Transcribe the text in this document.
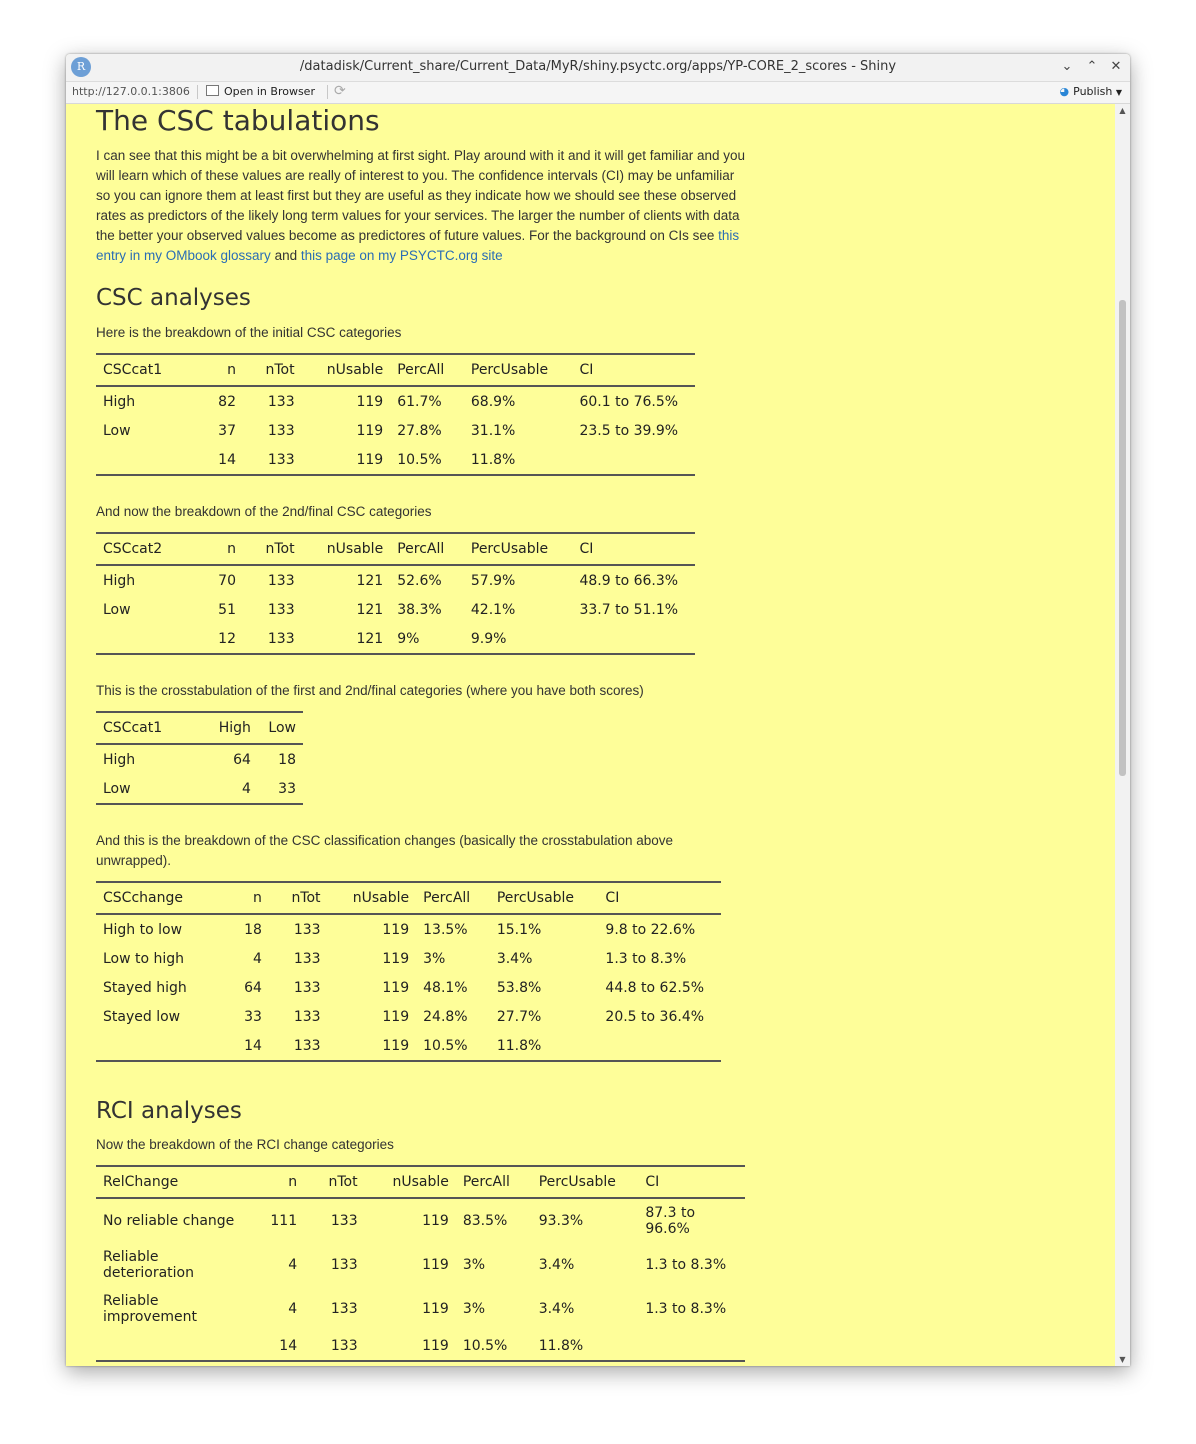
R	/datadisk/Current_share/Current_Data/MyR/shiny.psyctc.org/apps/YP-CORE_2_scores - Shiny	⌄	⌃	✕
http://127.0.0.1:3806	Open in Browser ⟳	◕ Publish ▼
The CSC tabulations

I can see that this might be a bit overwhelming at first sight. Play around with it and it will get familiar and you will learn which of these values are really of interest to you. The confidence intervals (CI) may be unfamiliar so you can ignore them at least first but they are useful as they indicate how we should see these observed rates as predictors of the likely long term values for your services. The larger the number of clients with data the better your observed values become as predictores of future values. For the background on CIs see this entry in my OMbook glossary and this page on my PSYCTC.org site

CSC analyses

Here is the breakdown of the initial CSC categories

CSCcat1	n	nTot	nUsable	PercAll	PercUsable	CI
High	82	133	119	61.7%	68.9%	60.1 to 76.5%
Low	37	133	119	27.8%	31.1%	23.5 to 39.9%
	14	133	119	10.5%	11.8%	

And now the breakdown of the 2nd/final CSC categories

CSCcat2	n	nTot	nUsable	PercAll	PercUsable	CI
High	70	133	121	52.6%	57.9%	48.9 to 66.3%
Low	51	133	121	38.3%	42.1%	33.7 to 51.1%
	12	133	121	9%	9.9%	

This is the crosstabulation of the first and 2nd/final categories (where you have both scores)

CSCcat1	High	Low
High	64	18
Low	4	33

And this is the breakdown of the CSC classification changes (basically the crosstabulation above unwrapped).

CSCchange	n	nTot	nUsable	PercAll	PercUsable	CI
High to low	18	133	119	13.5%	15.1%	9.8 to 22.6%
Low to high	4	133	119	3%	3.4%	1.3 to 8.3%
Stayed high	64	133	119	48.1%	53.8%	44.8 to 62.5%
Stayed low	33	133	119	24.8%	27.7%	20.5 to 36.4%
	14	133	119	10.5%	11.8%	
RCI analyses

Now the breakdown of the RCI change categories

RelChange	n	nTot	nUsable	PercAll	PercUsable	CI
No reliable change	111	133	119	83.5%	93.3%	87.3 to 96.6%
Reliable deterioration	4	133	119	3%	3.4%	1.3 to 8.3%
Reliable improvement	4	133	119	3%	3.4%	1.3 to 8.3%
	14	133	119	10.5%	11.8%	
▲
▼
